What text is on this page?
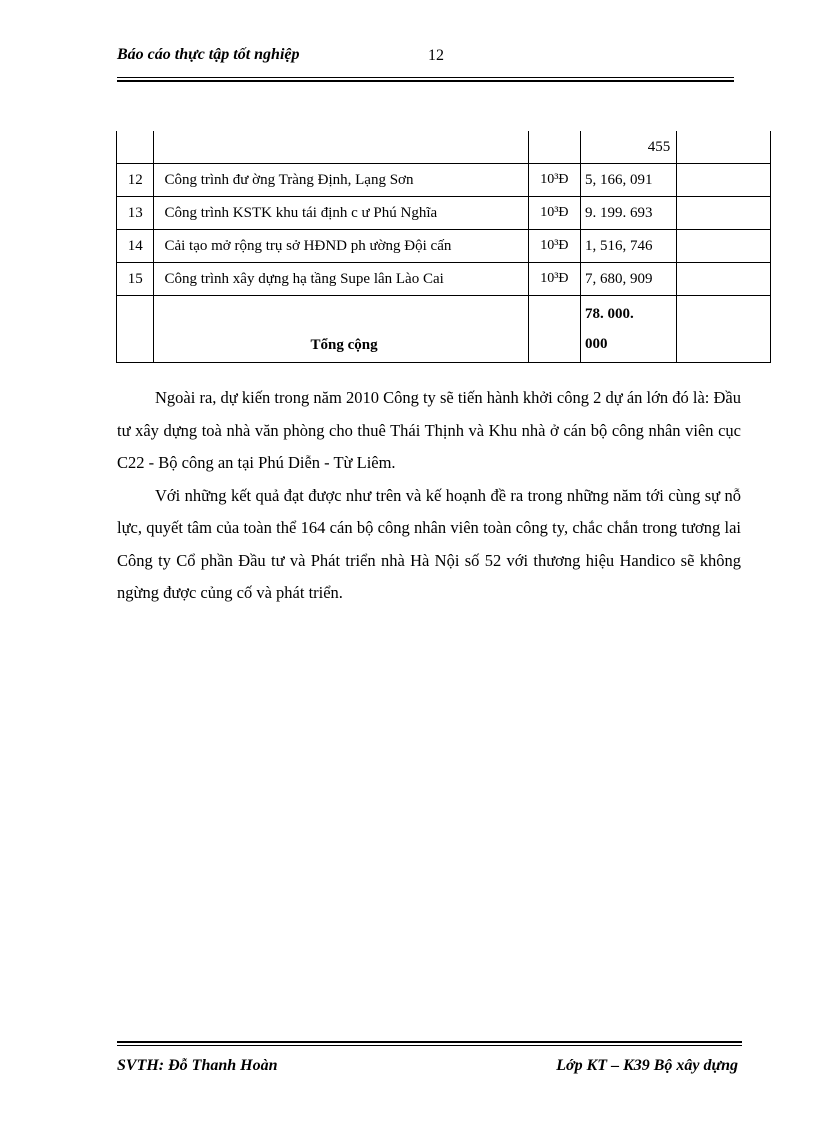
Báo cáo thực tập tốt nghiệp	12
			455	
12	Công trình đư ờng Tràng Định, Lạng Sơn	10³Đ	5, 166, 091	
13	Công trình KSTK khu tái định c ư Phú Nghĩa	10³Đ	9. 199. 693	
14	Cải tạo mở rộng trụ sở HĐND ph ường Đội cấn	10³Đ	1, 516, 746	
15	Công trình xây dựng hạ tầng Supe lân Lào Cai	10³Đ	7, 680, 909	
	Tổng cộng		78. 000.
000	

Ngoài ra, dự kiến trong năm 2010 Công ty sẽ tiến hành khởi công 2 dự án lớn đó là: Đầu tư xây dựng toà nhà văn phòng cho thuê Thái Thịnh và Khu nhà ở cán bộ công nhân viên cục C22 - Bộ công an tại Phú Diễn - Từ Liêm.

Với những kết quả đạt được như trên và kế hoạnh đề ra trong những năm tới cùng sự nỗ lực, quyết tâm của toàn thể 164 cán bộ công nhân viên toàn công ty, chắc chắn trong tương lai Công ty Cổ phần Đầu tư và Phát triển nhà Hà Nội số 52 với thương hiệu Handico sẽ không ngừng được củng cố và phát triển.

SVTH: Đỗ Thanh Hoàn	Lớp KT – K39 Bộ xây dựng
